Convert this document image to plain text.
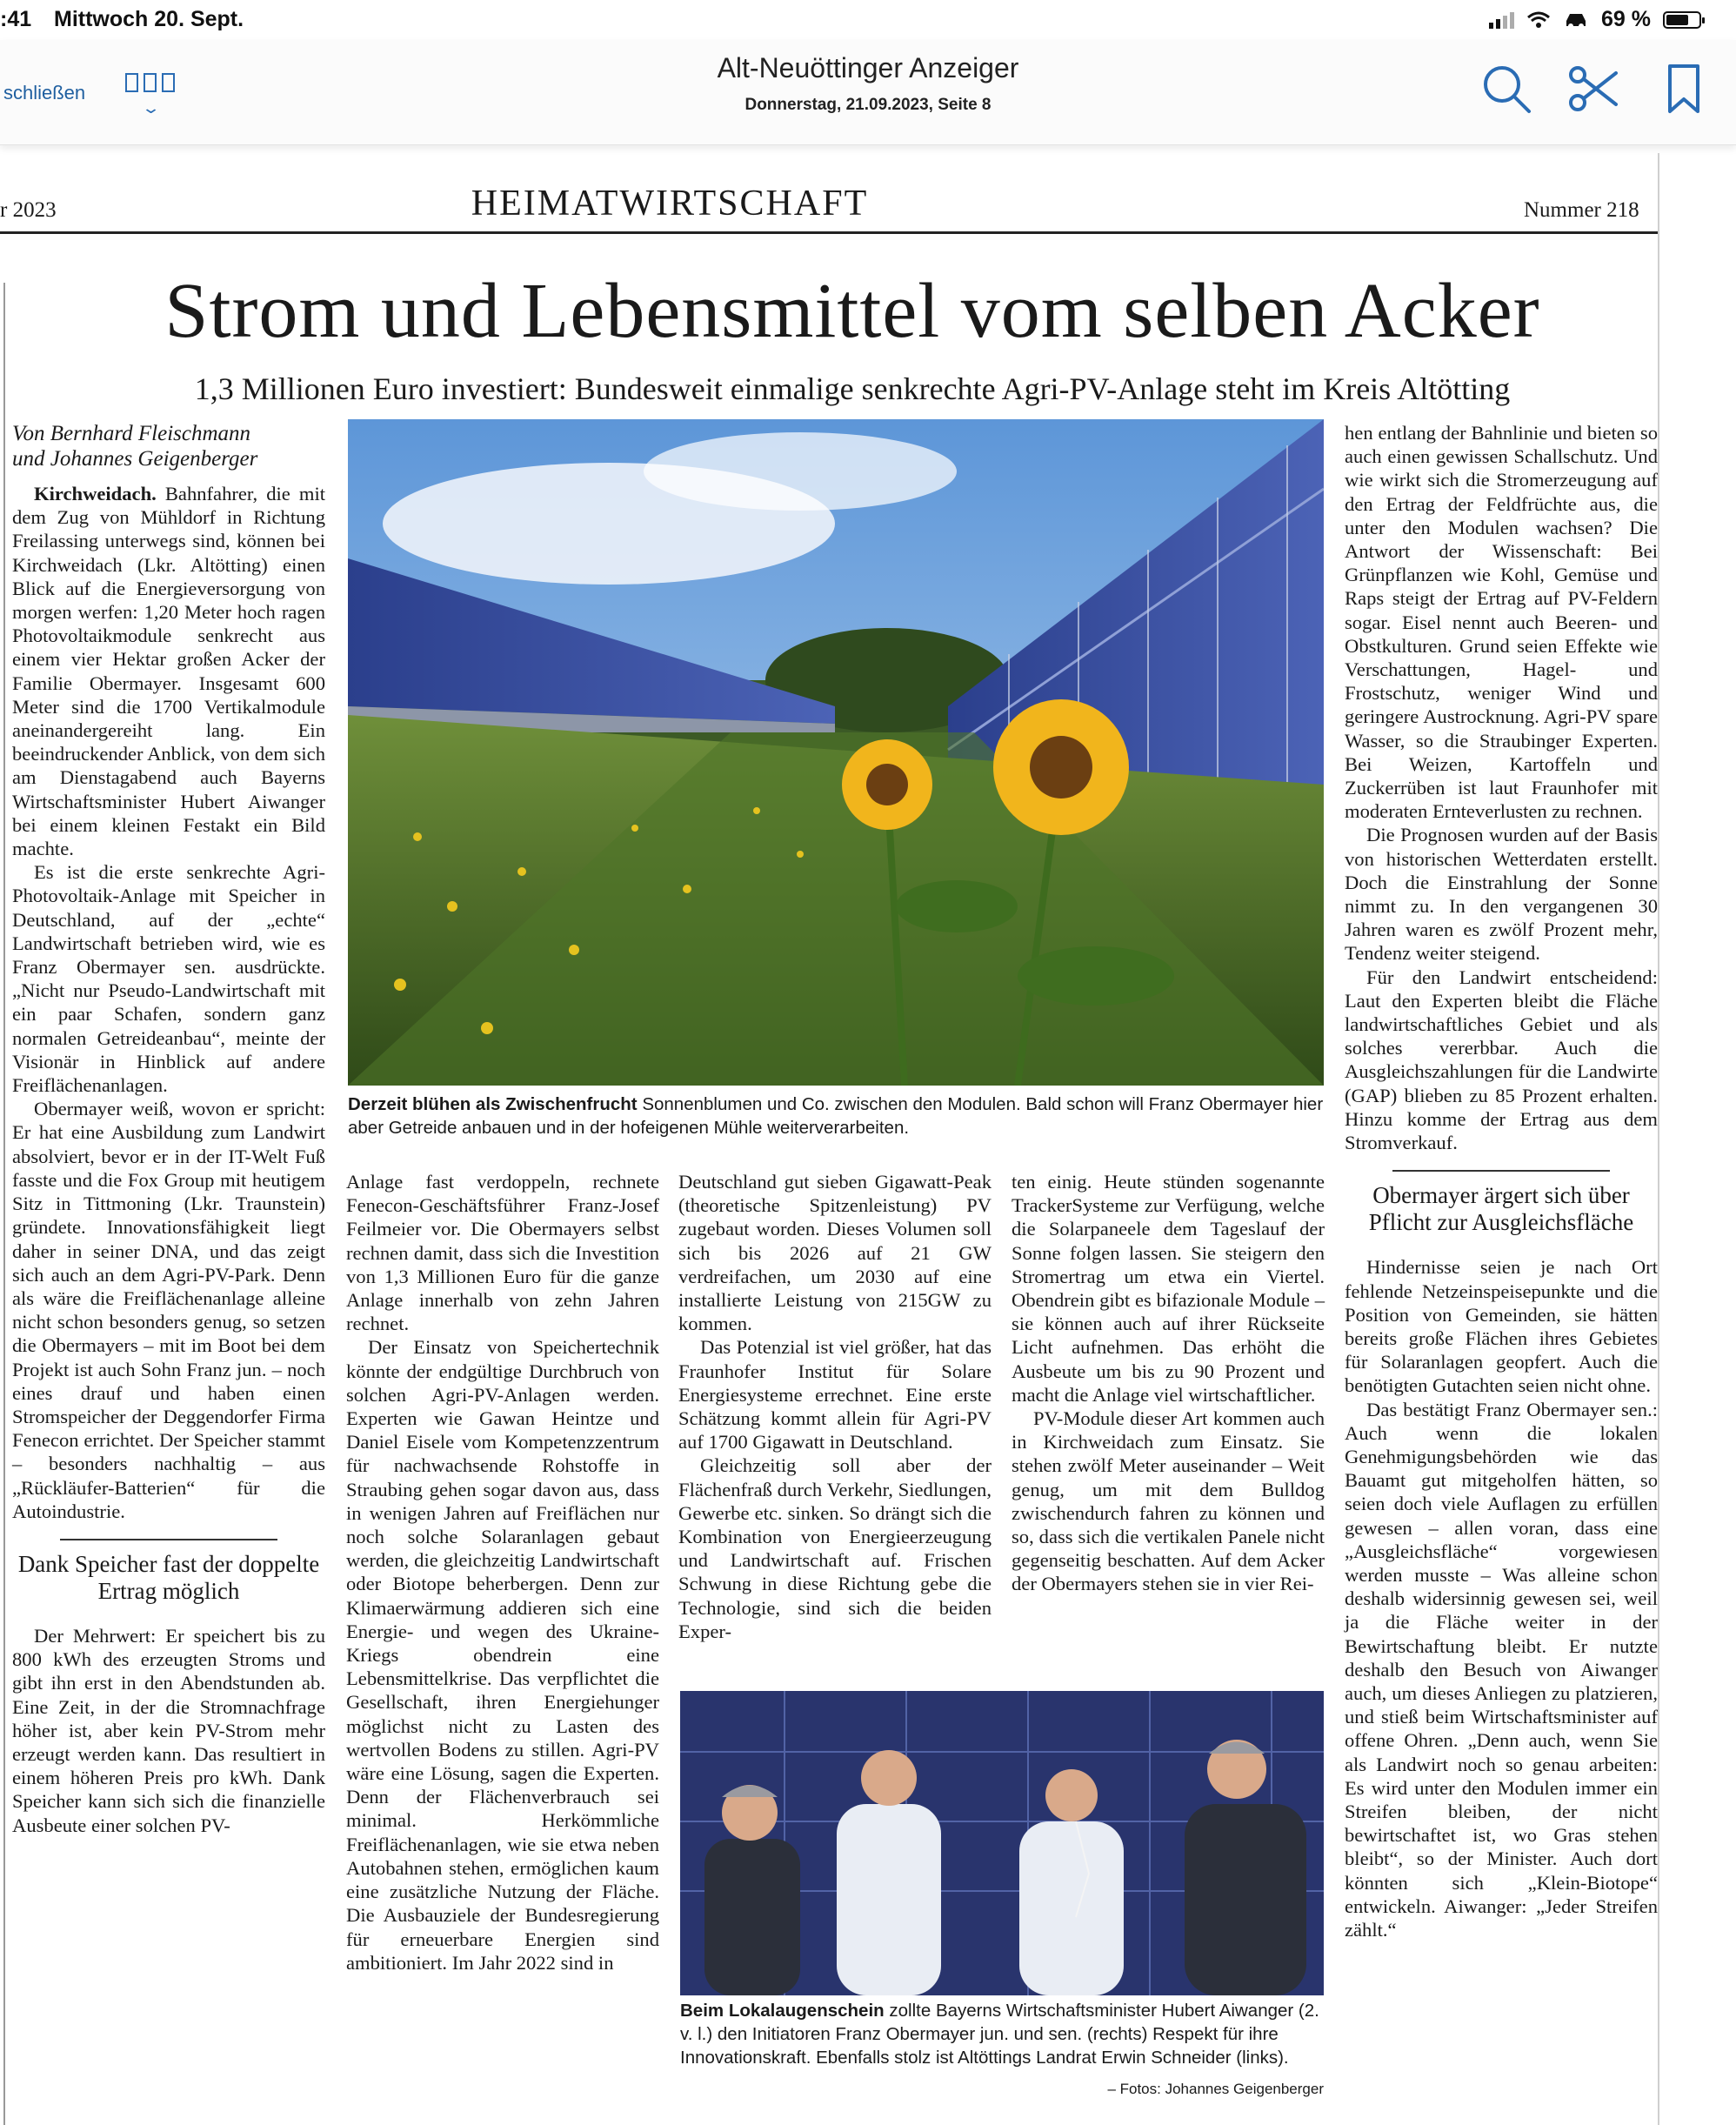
:41 Mittwoch 20. Sept.	69 %
schließen
⌄
Alt-Neuöttinger Anzeiger
Donnerstag, 21.09.2023, Seite 8
r 2023	HEIMATWIRTSCHAFT	Nummer 218
Strom und Lebensmittel vom selben Acker
1,3 Millionen Euro investiert: Bundesweit einmalige senkrechte Agri-PV-Anlage steht im Kreis Altötting
Von Bernhard Fleischmann
und Johannes Geigenberger

Kirchweidach. Bahnfahrer, die mit dem Zug von Mühldorf in Richtung Freilassing unterwegs sind, können bei Kirchweidach (Lkr. Altötting) einen Blick auf die Energieversorgung von morgen werfen: 1,20 Meter hoch ragen Photovoltaikmodule senkrecht aus einem vier Hektar großen Acker der Familie Obermayer. Insgesamt 600 Meter sind die 1700 Vertikalmodule aneinandergereiht lang. Ein beeindruckender Anblick, von dem sich am Dienstagabend auch Bayerns Wirtschaftsminister Hubert Aiwanger bei einem kleinen Festakt ein Bild machte.

Es ist die erste senkrechte Agri-Photovoltaik-Anlage mit Speicher in Deutschland, auf der „echte“ Landwirtschaft betrieben wird, wie es Franz Obermayer sen. ausdrückte. „Nicht nur Pseudo-Landwirtschaft mit ein paar Schafen, sondern ganz normalen Getreideanbau“, meinte der Visionär in Hinblick auf andere Freiflächenanlagen.

Obermayer weiß, wovon er spricht: Er hat eine Ausbildung zum Landwirt absolviert, bevor er in der IT-Welt Fuß fasste und die Fox Group mit heutigem Sitz in Tittmoning (Lkr. Traunstein) gründete. Innovationsfähigkeit liegt daher in seiner DNA, und das zeigt sich auch an dem Agri-PV-Park. Denn als wäre die Freiflächenanlage alleine nicht schon besonders genug, so setzen die Obermayers – mit im Boot bei dem Projekt ist auch Sohn Franz jun. – noch eines drauf und haben einen Stromspeicher der Deggendorfer Firma Fenecon errichtet. Der Speicher stammt – besonders nachhaltig – aus „Rückläufer-Batterien“ für die Autoindustrie.

Dank Speicher fast der doppelte Ertrag möglich

Der Mehrwert: Er speichert bis zu 800 kWh des erzeugten Stroms und gibt ihn erst in den Abendstunden ab. Eine Zeit, in der die Stromnachfrage höher ist, aber kein PV-Strom mehr erzeugt werden kann. Das resultiert in einem höheren Preis pro kWh. Dank Speicher kann sich sich die finanzielle Ausbeute einer solchen PV-

Derzeit blühen als Zwischenfrucht Sonnenblumen und Co. zwischen den Modulen. Bald schon will Franz Obermayer hier aber Getreide anbauen und in der hofeigenen Mühle weiterverarbeiten.

Anlage fast verdoppeln, rechnete Fenecon-Geschäftsführer Franz-Josef Feilmeier vor. Die Obermayers selbst rechnen damit, dass sich die Investition von 1,3 Millionen Euro für die ganze Anlage innerhalb von zehn Jahren rechnet.

Der Einsatz von Speichertechnik könnte der endgültige Durchbruch von solchen Agri-PV-Anlagen werden. Experten wie Gawan Heintze und Daniel Eisele vom Kompetenzzentrum für nachwachsende Rohstoffe in Straubing gehen sogar davon aus, dass in wenigen Jahren auf Freiflächen nur noch solche Solaranlagen gebaut werden, die gleichzeitig Landwirtschaft oder Biotope beherbergen. Denn zur Klimaerwärmung addieren sich eine Energie- und wegen des Ukraine-Kriegs obendrein eine Lebensmittelkrise. Das verpflichtet die Gesellschaft, ihren Energiehunger möglichst nicht zu Lasten des wertvollen Bodens zu stillen. Agri-PV wäre eine Lösung, sagen die Experten. Denn der Flächenverbrauch sei minimal. Herkömmliche Freiflächenanlagen, wie sie etwa neben Autobahnen stehen, ermöglichen kaum eine zusätzliche Nutzung der Fläche. Die Ausbauziele der Bundesregierung für erneuerbare Energien sind ambitioniert. Im Jahr 2022 sind in

Deutschland gut sieben Gigawatt-Peak (theoretische Spitzenleistung) PV zugebaut worden. Dieses Volumen soll sich bis 2026 auf 21 GW verdreifachen, um 2030 auf eine installierte Leistung von 215GW zu kommen.

Das Potenzial ist viel größer, hat das Fraunhofer Institut für Solare Energiesysteme errechnet. Eine erste Schätzung kommt allein für Agri-PV auf 1700 Gigawatt in Deutschland.

Gleichzeitig soll aber der Flächenfraß durch Verkehr, Siedlungen, Gewerbe etc. sinken. So drängt sich die Kombination von Energieerzeugung und Landwirtschaft auf. Frischen Schwung in diese Richtung gebe die Technologie, sind sich die beiden Exper-

ten einig. Heute stünden sogenannte TrackerSysteme zur Verfügung, welche die Solarpaneele dem Tageslauf der Sonne folgen lassen. Sie steigern den Stromertrag um etwa ein Viertel. Obendrein gibt es bifazionale Module – sie können auch auf ihrer Rückseite Licht aufnehmen. Das erhöht die Ausbeute um bis zu 90 Prozent und macht die Anlage viel wirtschaftlicher.

PV-Module dieser Art kommen auch in Kirchweidach zum Einsatz. Sie stehen zwölf Meter auseinander – Weit genug, um mit dem Bulldog zwischendurch fahren zu können und so, dass sich die vertikalen Panele nicht gegenseitig beschatten. Auf dem Acker der Obermayers stehen sie in vier Rei-

Beim Lokalaugenschein zollte Bayerns Wirtschaftsminister Hubert Aiwanger (2. v. l.) den Initiatoren Franz Obermayer jun. und sen. (rechts) Respekt für ihre Innovationskraft. Ebenfalls stolz ist Altöttings Landrat Erwin Schneider (links).
– Fotos: Johannes Geigenberger

hen entlang der Bahnlinie und bieten so auch einen gewissen Schallschutz. Und wie wirkt sich die Stromerzeugung auf den Ertrag der Feldfrüchte aus, die unter den Modulen wachsen? Die Antwort der Wissenschaft: Bei Grünpflanzen wie Kohl, Gemüse und Raps steigt der Ertrag auf PV-Feldern sogar. Eisel nennt auch Beeren- und Obstkulturen. Grund seien Effekte wie Verschattungen, Hagel- und Frostschutz, weniger Wind und geringere Austrocknung. Agri-PV spare Wasser, so die Straubinger Experten. Bei Weizen, Kartoffeln und Zuckerrüben ist laut Fraunhofer mit moderaten Ernteverlusten zu rechnen.

Die Prognosen wurden auf der Basis von historischen Wetterdaten erstellt. Doch die Einstrahlung der Sonne nimmt zu. In den vergangenen 30 Jahren waren es zwölf Prozent mehr, Tendenz weiter steigend.

Für den Landwirt entscheidend: Laut den Experten bleibt die Fläche landwirtschaftliches Gebiet und als solches vererbbar. Auch die Ausgleichszahlungen für die Landwirte (GAP) blieben zu 85 Prozent erhalten. Hinzu komme der Ertrag aus dem Stromverkauf.

Obermayer ärgert sich über Pflicht zur Ausgleichsfläche

Hindernisse seien je nach Ort fehlende Netzeinspeisepunkte und die Position von Gemeinden, sie hätten bereits große Flächen ihres Gebietes für Solaranlagen geopfert. Auch die benötigten Gutachten seien nicht ohne.

Das bestätigt Franz Obermayer sen.: Auch wenn die lokalen Genehmigungsbehörden wie das Bauamt gut mitgeholfen hätten, so seien doch viele Auflagen zu erfüllen gewesen – allen voran, dass eine „Ausgleichsfläche“ vorgewiesen werden musste – Was alleine schon deshalb widersinnig gewesen sei, weil ja die Fläche weiter in der Bewirtschaftung bleibt. Er nutzte deshalb den Besuch von Aiwanger auch, um dieses Anliegen zu platzieren, und stieß beim Wirtschaftsminister auf offene Ohren. „Denn auch, wenn Sie als Landwirt noch so genau arbeiten: Es wird unter den Modulen immer ein Streifen bleiben, der nicht bewirtschaftet ist, wo Gras stehen bleibt“, so der Minister. Auch dort könnten sich „Klein-Biotope“ entwickeln. Aiwanger: „Jeder Streifen zählt.“
